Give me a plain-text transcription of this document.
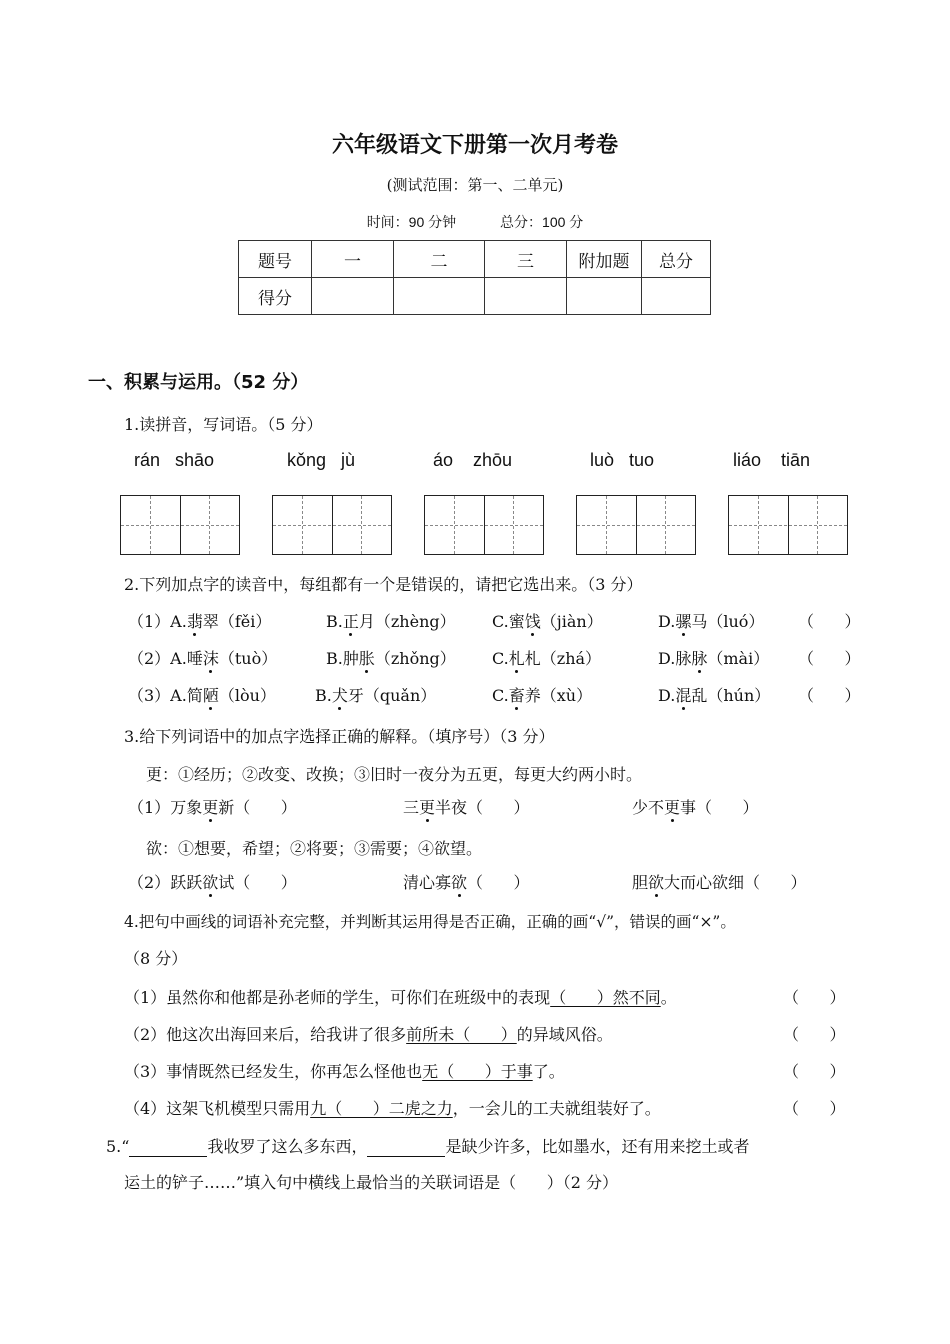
六年级语文下册第一次月考卷
(测试范围：第一、二单元)
时间：90 分钟	总分：100 分
题号	一	二	三	附加题	总分
得分					
一、积累与运用。（52 分）
1.读拼音，写词语。（5 分）
rán   shāo	kǒng   jù	áo    zhōu	luò   tuo	liáo    tiān
2.下列加点字的读音中，每组都有一个是错误的，请把它选出来。（3 分）
（1）A.翡翠（fěi）	B.正月（zhèng） C.蜜饯（jiàn）	D.骡马（luó） （      ）
（2）A.唾沫（tuò）	B.肿胀（zhǒng） C.札札（zhá）	D.脉脉（mài） （      ）
（3）A.简陋（lòu） B.犬牙（quǎn）	C.畜养（xù）	D.混乱（hún） （      ）
3.给下列词语中的加点字选择正确的解释。（填序号）（3 分）
更：①经历；②改变、改换；③旧时一夜分为五更，每更大约两小时。
（1）万象更新（      ）	三更半夜（      ）	少不更事（      ）
欲：①想要，希望；②将要；③需要；④欲望。
（2）跃跃欲试（      ）	清心寡欲（      ）	胆欲大而心欲细（      ）
4.把句中画线的词语补充完整，并判断其运用得是否正确，正确的画“√”，错误的画“×”。
（8 分）
（1）虽然你和他都是孙老师的学生，可你们在班级中的表现（      ）然不同。	（      ）
（2）他这次出海回来后，给我讲了很多前所未（      ）的异域风俗。	（      ）
（3）事情既然已经发生，你再怎么怪他也无（      ）于事了。	（      ）
（4）这架飞机模型只需用九（      ）二虎之力，一会儿的工夫就组装好了。	（      ）
5.“	我收罗了这么多东西，	是缺少许多，比如墨水，还有用来挖土或者
运土的铲子……”填入句中横线上最恰当的关联词语是（      ）（2 分）
